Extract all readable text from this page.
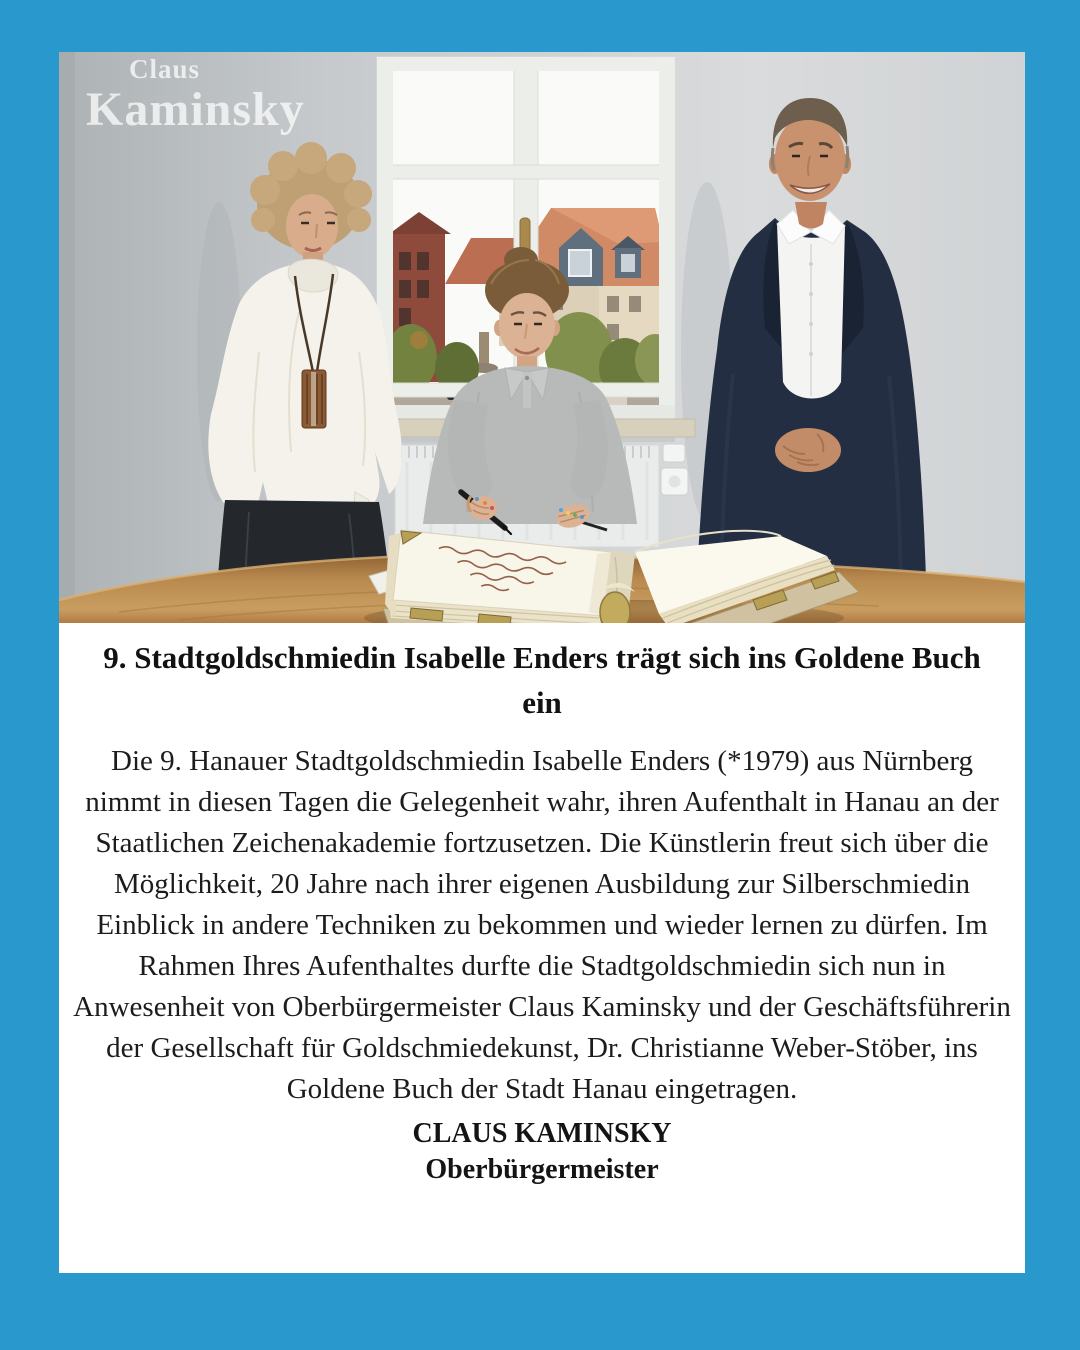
Claus
Kaminsky
9. Stadtgoldschmiedin Isabelle Enders trägt sich ins Goldene Buch ein

Die 9. Hanauer Stadtgoldschmiedin Isabelle Enders (*1979) aus Nürnberg nimmt in diesen Tagen die Gelegenheit wahr, ihren Aufenthalt in Hanau an der Staatlichen Zeichenakademie fortzusetzen. Die Künstlerin freut sich über die Möglichkeit, 20 Jahre nach ihrer eigenen Ausbildung zur Silberschmiedin Einblick in andere Techniken zu bekommen und wieder lernen zu dürfen. Im Rahmen Ihres Aufenthaltes durfte die Stadtgoldschmiedin sich nun in Anwesenheit von Oberbürgermeister Claus Kaminsky und der Geschäftsführerin der Gesellschaft für Goldschmiedekunst, Dr. Christianne Weber-Stöber, ins Goldene Buch der Stadt Hanau eingetragen.

CLAUS KAMINSKY
Oberbürgermeister
